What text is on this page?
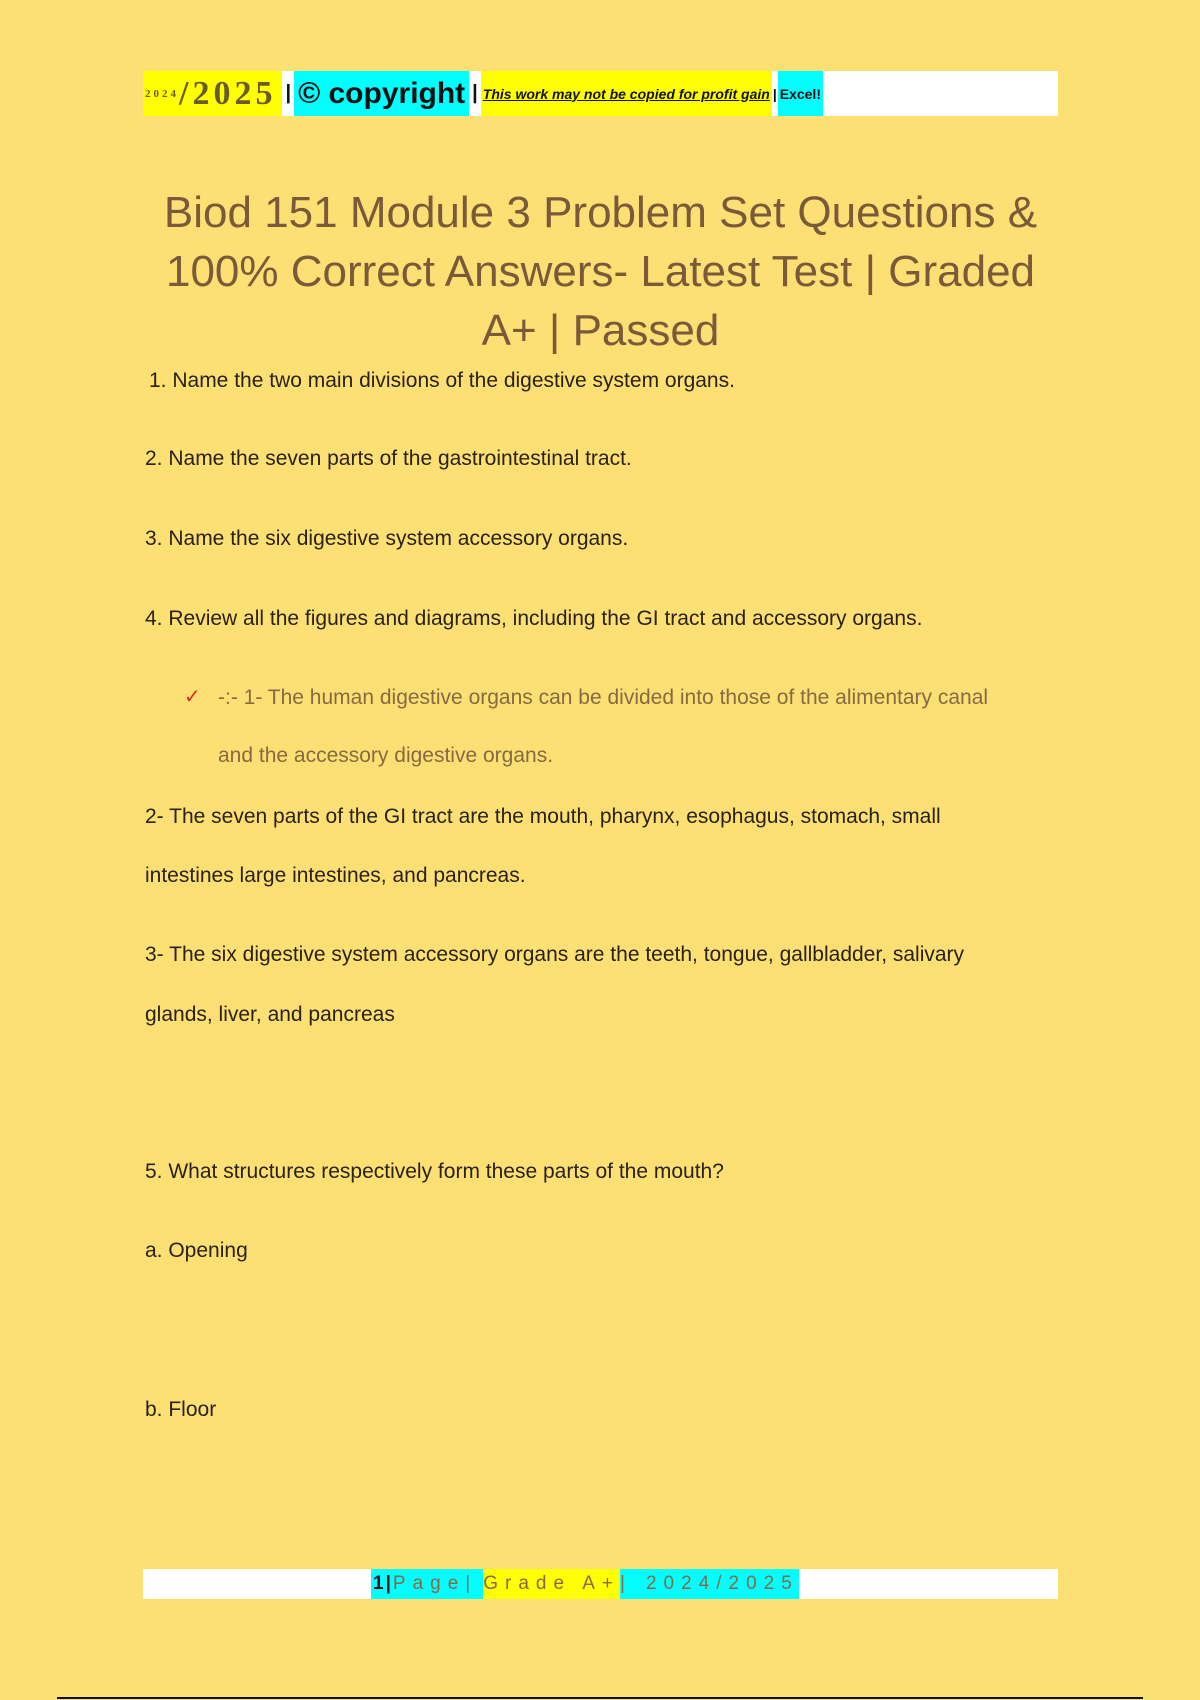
2024 /2025 | © copyright | This work may not be copied for profit gain | Excel!
Biod 151 Module 3 Problem Set Questions & 100% Correct Answers- Latest Test | Graded A+ | Passed
1. Name the two main divisions of the digestive system organs.
2. Name the seven parts of the gastrointestinal tract.
3. Name the six digestive system accessory organs.
4. Review all the figures and diagrams, including the GI tract and accessory organs.
✓ -:- 1- The human digestive organs can be divided into those of the alimentary canal
and the accessory digestive organs.
2- The seven parts of the GI tract are the mouth, pharynx, esophagus, stomach, small
intestines large intestines, and pancreas.
3- The six digestive system accessory organs are the teeth, tongue, gallbladder, salivary
glands, liver, and pancreas
5. What structures respectively form these parts of the mouth?
a. Opening
b. Floor
1 | Page | Grade A+ | 2024/2025
